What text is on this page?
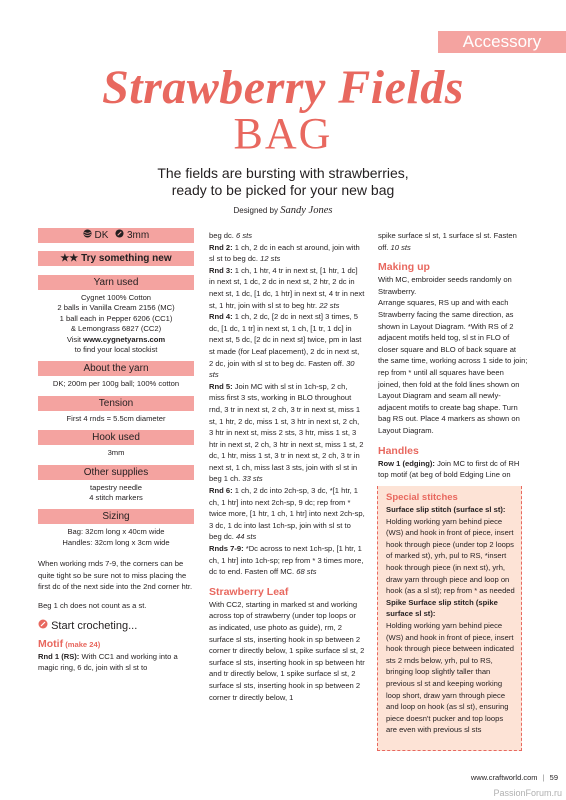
Accessory
Strawberry Fields
BAG
The fields are bursting with strawberries,
ready to be picked for your new bag
Designed by Sandy Jones
DK 3mm
★★ Try something new
Yarn used
Cygnet 100% Cotton
2 balls in Vanilla Cream 2156 (MC)
1 ball each in Pepper 6206 (CC1)
& Lemongrass 6827 (CC2)
Visit www.cygnetyarns.com
to find your local stockist
About the yarn
DK; 200m per 100g ball; 100% cotton
Tension
First 4 rnds = 5.5cm diameter
Hook used
3mm
Other supplies
tapestry needle
4 stitch markers
Sizing
Bag: 32cm long x 40cm wide
Handles: 32cm long x 3cm wide

When working rnds 7-9, the corners can be quite tight so be sure not to miss placing the first dc of the next side into the 2nd corner htr.

Beg 1 ch does not count as a st.

Start crocheting...
Motif (make 24)

Rnd 1 (RS): With CC1 and working into a magic ring, 6 dc, join with sl st to

beg dc. 6 sts

Rnd 2: 1 ch, 2 dc in each st around, join with sl st to beg dc. 12 sts

Rnd 3: 1 ch, 1 htr, 4 tr in next st, [1 htr, 1 dc] in next st, 1 dc, 2 dc in next st, 2 htr, 2 dc in next st, 1 dc, [1 dc, 1 htr] in next st, 4 tr in next st, 1 htr, join with sl st to beg htr. 22 sts

Rnd 4: 1 ch, 2 dc, [2 dc in next st] 3 times, 5 dc, [1 dc, 1 tr] in next st, 1 ch, [1 tr, 1 dc] in next st, 5 dc, [2 dc in next st] twice, pm in last st made (for Leaf placement), 2 dc in next st, 2 dc, join with sl st to beg dc. Fasten off. 30 sts

Rnd 5: Join MC with sl st in 1ch-sp, 2 ch, miss first 3 sts, working in BLO throughout rnd, 3 tr in next st, 2 ch, 3 tr in next st, miss 1 st, 1 htr, 2 dc, miss 1 st, 3 htr in next st, 2 ch, 3 htr in next st, miss 2 sts, 3 htr, miss 1 st, 3 htr in next st, 2 ch, 3 htr in next st, miss 1 st, 2 dc, 1 htr, miss 1 st, 3 tr in next st, 2 ch, 3 tr in next st, 1 ch, miss last 3 sts, join with sl st in beg 1 ch. 33 sts

Rnd 6: 1 ch, 2 dc into 2ch-sp, 3 dc, *[1 htr, 1 ch, 1 htr] into next 2ch-sp, 9 dc; rep from * twice more, [1 htr, 1 ch, 1 htr] into next 2ch-sp, 3 dc, 1 dc into last 1ch-sp, join with sl st to beg dc. 44 sts

Rnds 7-9: *Dc across to next 1ch-sp, [1 htr, 1 ch, 1 htr] into 1ch-sp; rep from * 3 times more, dc to end. Fasten off MC. 68 sts

Strawberry Leaf

With CC2, starting in marked st and working across top of strawberry (under top loops or as indicated, use photo as guide), rm, 2 surface sl sts, inserting hook in sp between 2 corner tr directly below, 1 spike surface sl st, 2 surface sl sts, inserting hook in sp between htr and tr directly below, 1 spike surface sl st, 2 surface sl sts, inserting hook in sp between 2 corner tr directly below, 1

spike surface sl st, 1 surface sl st. Fasten off. 10 sts

Making up

With MC, embroider seeds randomly on Strawberry.

Arrange squares, RS up and with each Strawberry facing the same direction, as shown in Layout Diagram. *With RS of 2 adjacent motifs held tog, sl st in FLO of closer square and BLO of back square at the same time, working across 1 side to join; rep from * until all squares have been joined, then fold at the fold lines shown on Layout Diagram and seam all newly-adjacent motifs to create bag shape. Turn bag RS out. Place 4 markers as shown on Layout Diagram.

Handles

Row 1 (edging): Join MC to first dc of RH top motif (at beg of bold Edging Line on

Special stitches

Surface slip stitch (surface sl st):

Holding working yarn behind piece (WS) and hook in front of piece, insert hook through piece (under top 2 loops of marked st), yrh, pul to RS, *insert hook through piece (in next st), yrh, draw yarn through piece and loop on hook (as a sl st); rep from * as needed

Spike Surface slip stitch (spike surface sl st):

Holding working yarn behind piece (WS) and hook in front of piece, insert hook through piece between indicated sts 2 rnds below, yrh, pul to RS, bringing loop slightly taller than previous sl st and keeping working loop short, draw yarn through piece and loop on hook (as sl st), ensuring piece doesn't pucker and top loops are even with previous sl sts

www.craftworld.com | 59
PassionForum.ru
